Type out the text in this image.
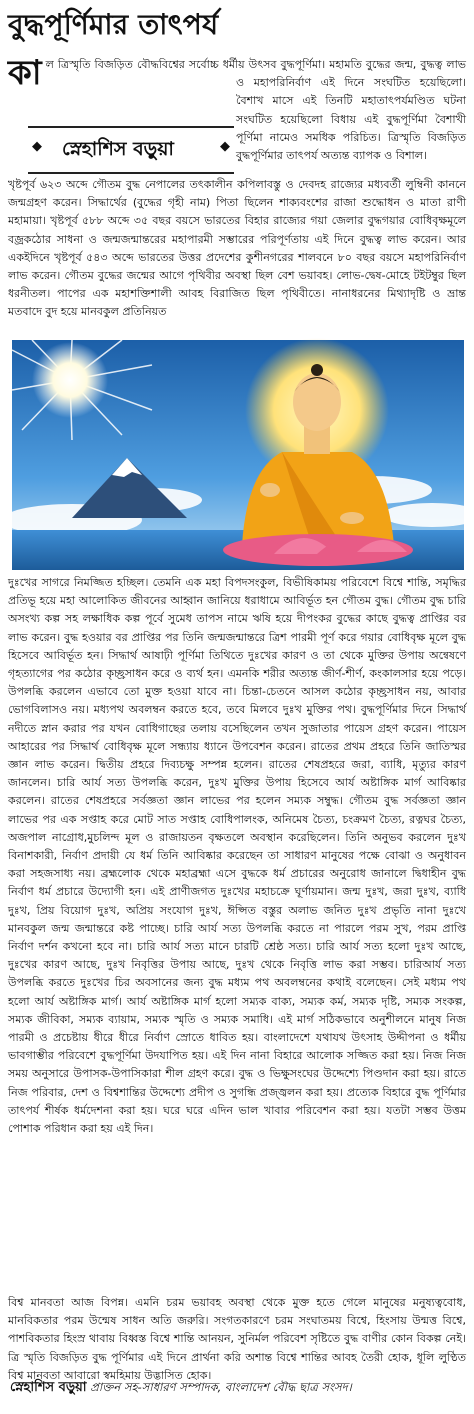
বুদ্ধপূর্ণিমার তাৎপর্য
কা ল ত্রিস্মৃতি বিজড়িত বৌদ্ধবিশ্বের সর্বোচ্চ ধর্মীয় উৎসব বুদ্ধপূর্ণিমা। মহামতি বুদ্ধের জন্ম, বুদ্ধত্ব লাভ ও মহাপরিনির্বাণ এই দিনে সংঘটিত হয়েছিলো। বৈশাখ মাসে এই তিনটি মহাতাৎপর্যমণ্ডিত ঘটনা সংঘটিত হয়েছিলো বিধায় এই বুদ্ধপূর্ণিমা বৈশাখী পূর্ণিমা নামেও সমধিক পরিচিত। ত্রিস্মৃতি বিজড়িত বুদ্ধপূর্ণিমার তাৎপর্য অত্যন্ত ব্যাপক ও বিশাল।
◆ স্নেহাশিস বড়ুয়া	◆
খৃষ্টপূর্ব ৬২৩ অব্দে গৌতম বুদ্ধ নেপালের তৎকালীন কপিলাবস্তু ও দেবদহ রাজ্যের মধ্যবর্তী লুম্বিনী কাননে জন্মগ্রহণ করেন। সিদ্ধার্থের (বুদ্ধের গৃহী নাম) পিতা ছিলেন শাক্যবংশের রাজা শুদ্ধোধন ও মাতা রাণী মহামায়া। খৃষ্টপূর্ব ৫৮৮ অব্দে ৩৫ বছর বয়সে ভারতের বিহার রাজ্যের গয়া জেলার বুদ্ধগয়ার বোধিবৃক্ষমূলে বজ্রকঠোর সাধনা ও জন্মজন্মান্তরের মহাপারমী সম্ভারের পরিপূর্ণতায় এই দিনে বুদ্ধত্ব লাভ করেন। আর একইদিনে খৃষ্টপূর্ব ৫৪৩ অব্দে ভারতের উত্তর প্রদেশের কুশীনগরের শালবনে ৮০ বছর বয়সে মহাপরিনির্বাণ লাভ করেন। গৌতম বুদ্ধের জন্মের আগে পৃথিবীর অবস্থা ছিল বেশ ভয়াবহ। লোভ-দ্বেষ-মোহে টইটম্বুর ছিল ধরনীতল। পাপের এক মহাশক্তিশালী আবহ বিরাজিত ছিল পৃথিবীতে। নানাধরনের মিথ্যাদৃষ্টি ও ভ্রান্ত মতবাদে বুদ হয়ে মানবকুল প্রতিনিয়ত
দুঃখের সাগরে নিমজ্জিত হচ্ছিল। তেমনি এক মহা বিপদসংকুল, বিভীষিকাময় পরিবেশে বিশ্বে শান্তি, সমৃদ্ধির প্রতিভূ হয়ে মহা আলোকিত জীবনের আহ্বান জানিয়ে ধরাধামে আবির্ভূত হন গৌতম বুদ্ধ। গৌতম বুদ্ধ চারি অসংখ্য কল্প সহ লক্ষাধিক কল্প পূর্বে সুমেধ তাপস নামে ঋষি হয়ে দীপংকর বুদ্ধের কাছে বুদ্ধত্ব প্রাপ্তির বর লাভ করেন। বুদ্ধ হওয়ার বর প্রাপ্তির পর তিনি জন্মজন্মান্তরে ত্রিশ পারমী পূর্ণ করে গয়ার বোধিবৃক্ষ মূলে বুদ্ধ হিসেবে আবির্ভূত হন। সিদ্ধার্থ আষাঢ়ী পূর্ণিমা তিথিতে দুঃখের কারণ ও তা থেকে মুক্তির উপায় অন্বেষণে গৃহত্যাগের পর কঠোর কৃচ্ছ্রসাধন করে ও ব্যর্থ হন। এমনকি শরীর অত্যন্ত জীর্ণ-শীর্ণ, কংকালসার হয়ে পড়ে। উপলব্ধি করলেন এভাবে তো মুক্ত হওয়া যাবে না। চিন্তা-চেতনে আসল কঠোর কৃচ্ছ্রসাধন নয়, আবার ভোগবিলাসও নয়। মধ্যপথ অবলম্বন করতে হবে, তবে মিলবে দুঃখ মুক্তির পথ। বুদ্ধপূর্ণিমার দিনে সিদ্ধার্থ নদীতে স্নান করার পর যখন বোধিগাছের তলায় বসেছিলেন তখন সুজাতার পায়েস গ্রহণ করেন। পায়েস আহারের পর সিদ্ধার্থ বোধিবৃক্ষ মূলে সন্ধ্যায় ধ্যানে উপবেশন করেন। রাতের প্রথম প্রহরে তিনি জাতিস্মর জ্ঞান লাভ করেন। দ্বিতীয় প্রহরে দিব্যচক্ষু সম্পন্ন হলেন। রাতের শেষপ্রহরে জরা, ব্যাধি, মৃত্যুর কারণ জানলেন। চারি আর্য সত্য উপলব্ধি করেন, দুঃখ মুক্তির উপায় হিসেবে আর্য অষ্টাঙ্গিক মার্গ আবিষ্কার করলেন। রাতের শেষপ্রহরে সর্বজ্ঞতা জ্ঞান লাভের পর হলেন সম্যক সম্বুদ্ধ। গৌতম বুদ্ধ সর্বজ্ঞতা জ্ঞান লাভের পর এক সপ্তাহ করে মোট সাত সপ্তাহ বোধিপালংক, অনিমেষ চৈত্য, চংক্রমণ চৈত্য, রত্নঘর চৈত্য, অজপাল নাগ্রোধ,মুচলিন্দ মূল ও রাজায়তন বৃক্ষতলে অবস্থান করেছিলেন। তিনি অনুভব করলেন দুঃখ বিনাশকারী, নির্বাণ প্রদায়ী যে ধর্ম তিনি আবিষ্কার করেছেন তা সাধারণ মানুষের পক্ষে বোঝা ও অনুধাবন করা সহজসাধ্য নয়। ব্রহ্মলোক থেকে মহাব্রহ্মা এসে বুদ্ধকে ধর্ম প্রচারের অনুরোধ জানালে দ্বিধাহীন বুদ্ধ নির্বাণ ধর্ম প্রচারে উদ্যোগী হন। এই প্রাণীজগত দুঃখের মহাচক্রে ঘূর্ণায়মান। জন্ম দুঃখ, জরা দুঃখ, ব্যাধি দুঃখ, প্রিয় বিয়োগ দুঃখ, অপ্রিয় সংযোগ দুঃখ, ঈপ্সিত বস্তুর অলাভ জনিত দুঃখ প্রভৃতি নানা দুঃখে মানবকুল জন্ম জন্মান্তরে কষ্ট পাচ্ছে। চারি আর্য সত্য উপলব্ধি করতে না পারলে পরম সুখ, পরম প্রাপ্তি নির্বাণ দর্শন কখনো হবে না। চারি আর্য সত্য মানে চারটি শ্রেষ্ঠ সত্য। চারি আর্য সত্য হলো দুঃখ আছে, দুঃখের কারণ আছে, দুঃখ নিবৃত্তির উপায় আছে, দুঃখ থেকে নিবৃত্তি লাভ করা সম্ভব। চারিআর্য সত্য উপলব্ধি করতে দুঃখের চির অবসানের জন্য বুদ্ধ মধ্যম পথ অবলম্বনের কথাই বলেছেন। সেই মধ্যম পথ হলো আর্য অষ্টাঙ্গিক মার্গ। আর্য অষ্টাঙ্গিক মার্গ হলো সম্যক বাক্য, সম্যক কর্ম, সম্যক দৃষ্টি, সম্যক সংকল্প, সম্যক জীবিকা, সম্যক ব্যায়াম, সম্যক স্মৃতি ও সম্যক সমাধি। এই মার্গ সঠিকভাবে অনুশীলনে মানুষ নিজ পারমী ও প্রচেষ্টায় ধীরে ধীরে নির্বাণ স্রোতে ধাবিত হয়। বাংলাদেশে যথাযথ উৎসাহ উদ্দীপনা ও ধর্মীয় ভাবগাম্ভীর পরিবেশে বুদ্ধপূর্ণিমা উদযাপিত হয়। এই দিন নানা বিহারে আলোক সজ্জিত করা হয়। নিজ নিজ সময় অনুসারে উপাসক-উপাসিকারা শীল গ্রহণ করে। বুদ্ধ ও ভিক্ষুসংঘের উদ্দেশ্যে পিণ্ডদান করা হয়। রাতে নিজ পরিবার, দেশ ও বিশ্বশান্তির উদ্দেশ্যে প্রদীপ ও সুগন্ধি প্রজ্জ্বলন করা হয়। প্রত্যেক বিহারে বুদ্ধ পূর্ণিমার তাৎপর্য শীর্ষক ধর্মদেশনা করা হয়। ঘরে ঘরে এদিন ভাল খাবার পরিবেশন করা হয়। যতটা সম্ভব উত্তম পোশাক পরিধান করা হয় এই দিন।
বিশ্ব মানবতা আজ বিপন্ন। এমনি চরম ভয়াবহ অবস্থা থেকে মুক্ত হতে গেলে মানুষের মনুষ্যত্ববোধ, মানবিকতার পরম উন্মেষ সাধন অতি জরুরি। সংগতকারণে চরম সংঘাতময় বিশ্বে, হিংসায় উন্মত্ত বিশ্বে, পাশবিকতার হিংস্র থাবায় বিধ্বস্ত বিশ্বে শান্তি আনয়ন, সুনির্মল পরিবেশ সৃষ্টিতে বুদ্ধ বাণীর কোন বিকল্প নেই। ত্রি স্মৃতি বিজড়িত বুদ্ধ পূর্ণিমার এই দিনে প্রার্থনা করি অশান্ত বিশ্বে শান্তির আবহ তৈরী হোক, ধূলি লুণ্ঠিত বিশ্ব মানবতা আবারো স্বমহিমায় উদ্ভাসিত হোক।
স্নেহাশিস বড়ুয়া প্রাক্তন সহ-সাধারণ সম্পাদক, বাংলাদেশ বৌদ্ধ ছাত্র সংসদ।
